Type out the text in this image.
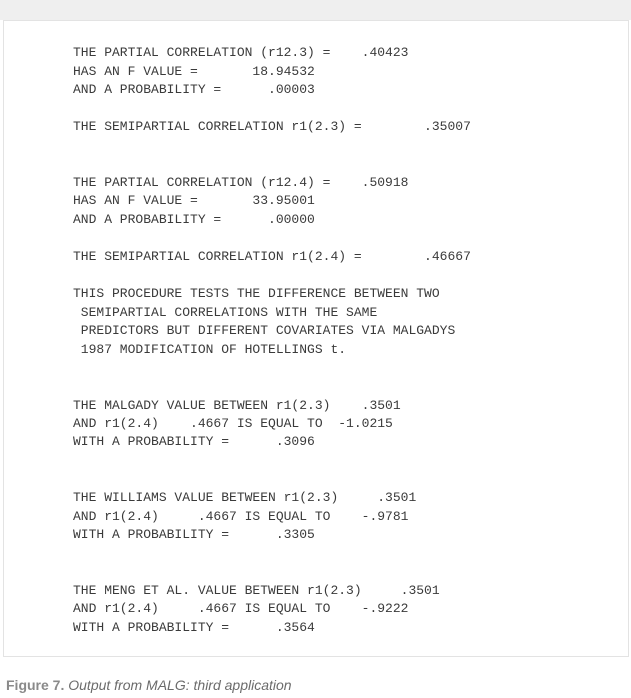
THE PARTIAL CORRELATION (r12.3) =    .40423
HAS AN F VALUE =       18.94532
AND A PROBABILITY =      .00003
THE SEMIPARTIAL CORRELATION r1(2.3) =        .35007
THE PARTIAL CORRELATION (r12.4) =    .50918
HAS AN F VALUE =       33.95001
AND A PROBABILITY =      .00000
THE SEMIPARTIAL CORRELATION r1(2.4) =        .46667
THIS PROCEDURE TESTS THE DIFFERENCE BETWEEN TWO
SEMIPARTIAL CORRELATIONS WITH THE SAME
PREDICTORS BUT DIFFERENT COVARIATES VIA MALGADYS
1987 MODIFICATION OF HOTELLINGS t.
THE MALGADY VALUE BETWEEN r1(2.3)    .3501
AND r1(2.4)    .4667 IS EQUAL TO  -1.0215
WITH A PROBABILITY =      .3096
THE WILLIAMS VALUE BETWEEN r1(2.3)     .3501
AND r1(2.4)     .4667 IS EQUAL TO    -.9781
WITH A PROBABILITY =      .3305
THE MENG ET AL. VALUE BETWEEN r1(2.3)     .3501
AND r1(2.4)     .4667 IS EQUAL TO    -.9222
WITH A PROBABILITY =      .3564
Figure 7. Output from MALG: third application
